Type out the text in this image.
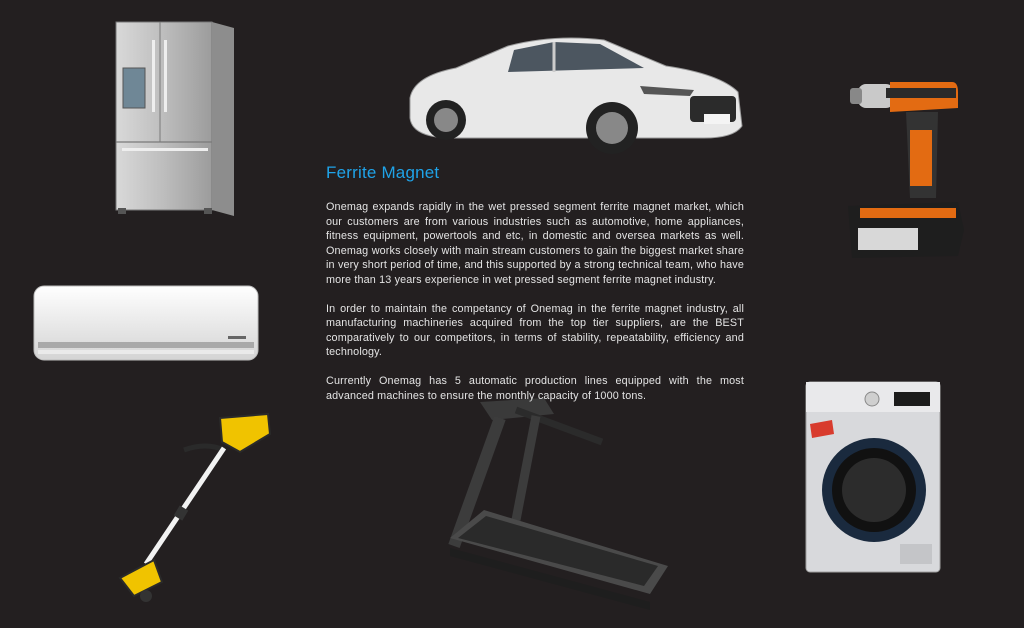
Ferrite Magnet

Onemag expands rapidly in the wet pressed segment ferrite magnet market, which our customers are from various industries such as automotive, home appliances, fitness equipment, powertools and etc, in domestic and oversea markets as well. Onemag works closely with main stream customers to gain the biggest market share in very short period of time, and this supported by a strong technical team, who have more than 13 years experience in wet pressed segment ferrite magnet industry.

In order to maintain the competancy of Onemag in the ferrite magnet industry, all manufacturing machineries acquired from the top tier suppliers, are the BEST comparatively to our competitors, in terms of stability, repeatability, efficiency and technology.

Currently Onemag has 5 automatic production lines equipped with the most advanced machines to ensure the monthly capacity of 1000 tons.
